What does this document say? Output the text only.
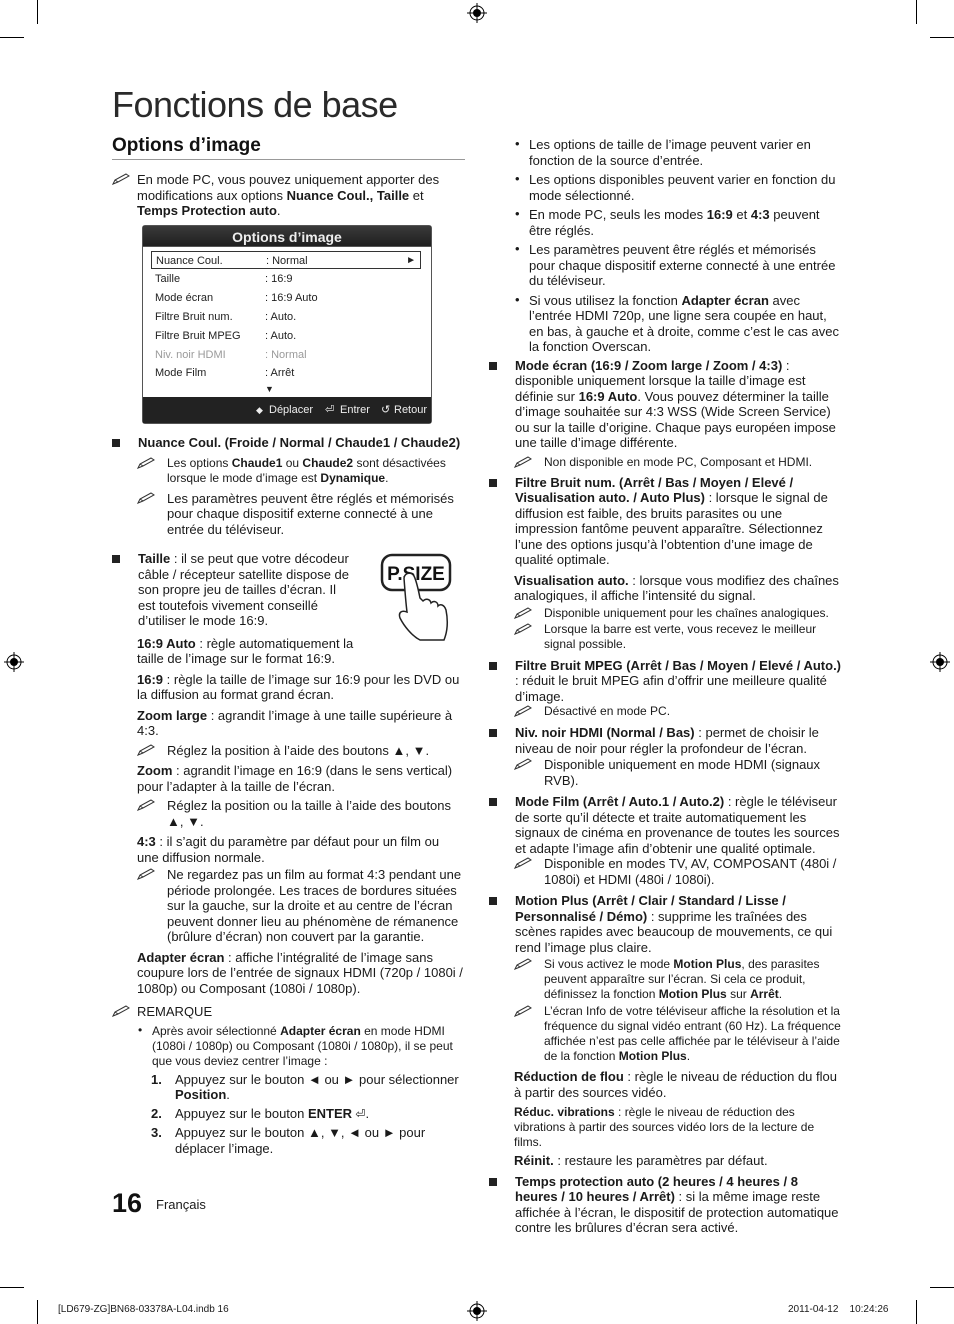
Fonctions de base
Options d’image
En mode PC, vous pouvez uniquement apporter des modifications aux options Nuance Coul., Taille et Temps Protection auto.
Options d’image
Nuance Coul.	: Normal	►
Taille	: 16:9
Mode écran	: 16:9 Auto
Filtre Bruit num.	: Auto.
Filtre Bruit MPEG : Auto.
Niv. noir HDMI	: Normal
Mode Film	: Arrêt
▼
◆ Déplacer ⏎ Entrer ↺ Retour
Nuance Coul. (Froide / Normal / Chaude1 / Chaude2)
Les options Chaude1 ou Chaude2 sont désactivées lorsque le mode d’image est Dynamique.
Les paramètres peuvent être réglés et mémorisés pour chaque dispositif externe connecté à une entrée du téléviseur.
Taille : il se peut que votre décodeur câble / récepteur satellite dispose de son propre jeu de tailles d’écran. Il est toutefois vivement conseillé d’utiliser le mode 16:9.

16:9 Auto : règle automatiquement la taille de l’image sur le format 16:9.

16:9 : règle la taille de l’image sur 16:9 pour les DVD ou la diffusion au format grand écran.

Zoom large : agrandit l’image à une taille supérieure à 4:3.

Réglez la position à l’aide des boutons ▲, ▼.

Zoom : agrandit l’image en 16:9 (dans le sens vertical) pour l’adapter à la taille de l’écran.

Réglez la position ou la taille à l’aide des boutons ▲, ▼.

4:3 : il s’agit du paramètre par défaut pour un film ou une diffusion normale.

Ne regardez pas un film au format 4:3 pendant une période prolongée. Les traces de bordures situées sur la gauche, sur la droite et au centre de l’écran peuvent donner lieu au phénomène de rémanence (brûlure d’écran) non couvert par la garantie.

Adapter écran : affiche l’intégralité de l’image sans coupure lors de l’entrée de signaux HDMI (720p / 1080i / 1080p) ou Composant (1080i / 1080p).

REMARQUE
• Après avoir sélectionné Adapter écran en mode HDMI (1080i / 1080p) ou Composant (1080i / 1080p), il se peut que vous deviez centrer l’image :
1. Appuyez sur le bouton ◄ ou ► pour sélectionner Position.
2. Appuyez sur le bouton ENTER ⏎.
3. Appuyez sur le bouton ▲, ▼, ◄ ou ► pour déplacer l’image.
P.SIZE
• Les options de taille de l’image peuvent varier en fonction de la source d’entrée.
• Les options disponibles peuvent varier en fonction du mode sélectionné.
• En mode PC, seuls les modes 16:9 et 4:3 peuvent être réglés.
• Les paramètres peuvent être réglés et mémorisés pour chaque dispositif externe connecté à une entrée du téléviseur.
• Si vous utilisez la fonction Adapter écran avec l’entrée HDMI 720p, une ligne sera coupée en haut, en bas, à gauche et à droite, comme c’est le cas avec la fonction Overscan.
Mode écran (16:9 / Zoom large / Zoom / 4:3) : disponible uniquement lorsque la taille d’image est définie sur 16:9 Auto. Vous pouvez déterminer la taille d’image souhaitée sur 4:3 WSS (Wide Screen Service) ou sur la taille d’origine. Chaque pays européen impose une taille d’image différente.
Non disponible en mode PC, Composant et HDMI.
Filtre Bruit num. (Arrêt / Bas / Moyen / Elevé / Visualisation auto. / Auto Plus) : lorsque le signal de diffusion est faible, des bruits parasites ou une impression fantôme peuvent apparaître. Sélectionnez l’une des options jusqu’à l’obtention d’une image de qualité optimale.

Visualisation auto. : lorsque vous modifiez des chaînes analogiques, il affiche l’intensité du signal.

Disponible uniquement pour les chaînes analogiques.
Lorsque la barre est verte, vous recevez le meilleur signal possible.
Filtre Bruit MPEG (Arrêt / Bas / Moyen / Elevé / Auto.) : réduit le bruit MPEG afin d’offrir une meilleure qualité d’image.
Désactivé en mode PC.
Niv. noir HDMI (Normal / Bas) : permet de choisir le niveau de noir pour régler la profondeur de l’écran.
Disponible uniquement en mode HDMI (signaux RVB).
Mode Film (Arrêt / Auto.1 / Auto.2) : règle le téléviseur de sorte qu’il détecte et traite automatiquement les signaux de cinéma en provenance de toutes les sources et adapte l’image afin d’obtenir une qualité optimale.
Disponible en modes TV, AV, COMPOSANT (480i / 1080i) et HDMI (480i / 1080i).
Motion Plus (Arrêt / Clair / Standard / Lisse / Personnalisé / Démo) : supprime les traînées des scènes rapides avec beaucoup de mouvements, ce qui rend l’image plus claire.
Si vous activez le mode Motion Plus, des parasites peuvent apparaître sur l’écran. Si cela ce produit, définissez la fonction Motion Plus sur Arrêt.
L’écran Info de votre téléviseur affiche la résolution et la fréquence du signal vidéo entrant (60 Hz). La fréquence affichée n’est pas celle affichée par le téléviseur à l’aide de la fonction Motion Plus.

Réduction de flou : règle le niveau de réduction du flou à partir des sources vidéo.

Réduc. vibrations : règle le niveau de réduction des vibrations à partir des sources vidéo lors de la lecture de films.

Réinit. : restaure les paramètres par défaut.

Temps protection auto (2 heures / 4 heures / 8 heures / 10 heures / Arrêt) : si la même image reste affichée à l’écran, le dispositif de protection automatique contre les brûlures d’écran sera activé.
16 Français
[LD679-ZG]BN68-03378A-L04.indb 16	2011-04-12    10:24:26
